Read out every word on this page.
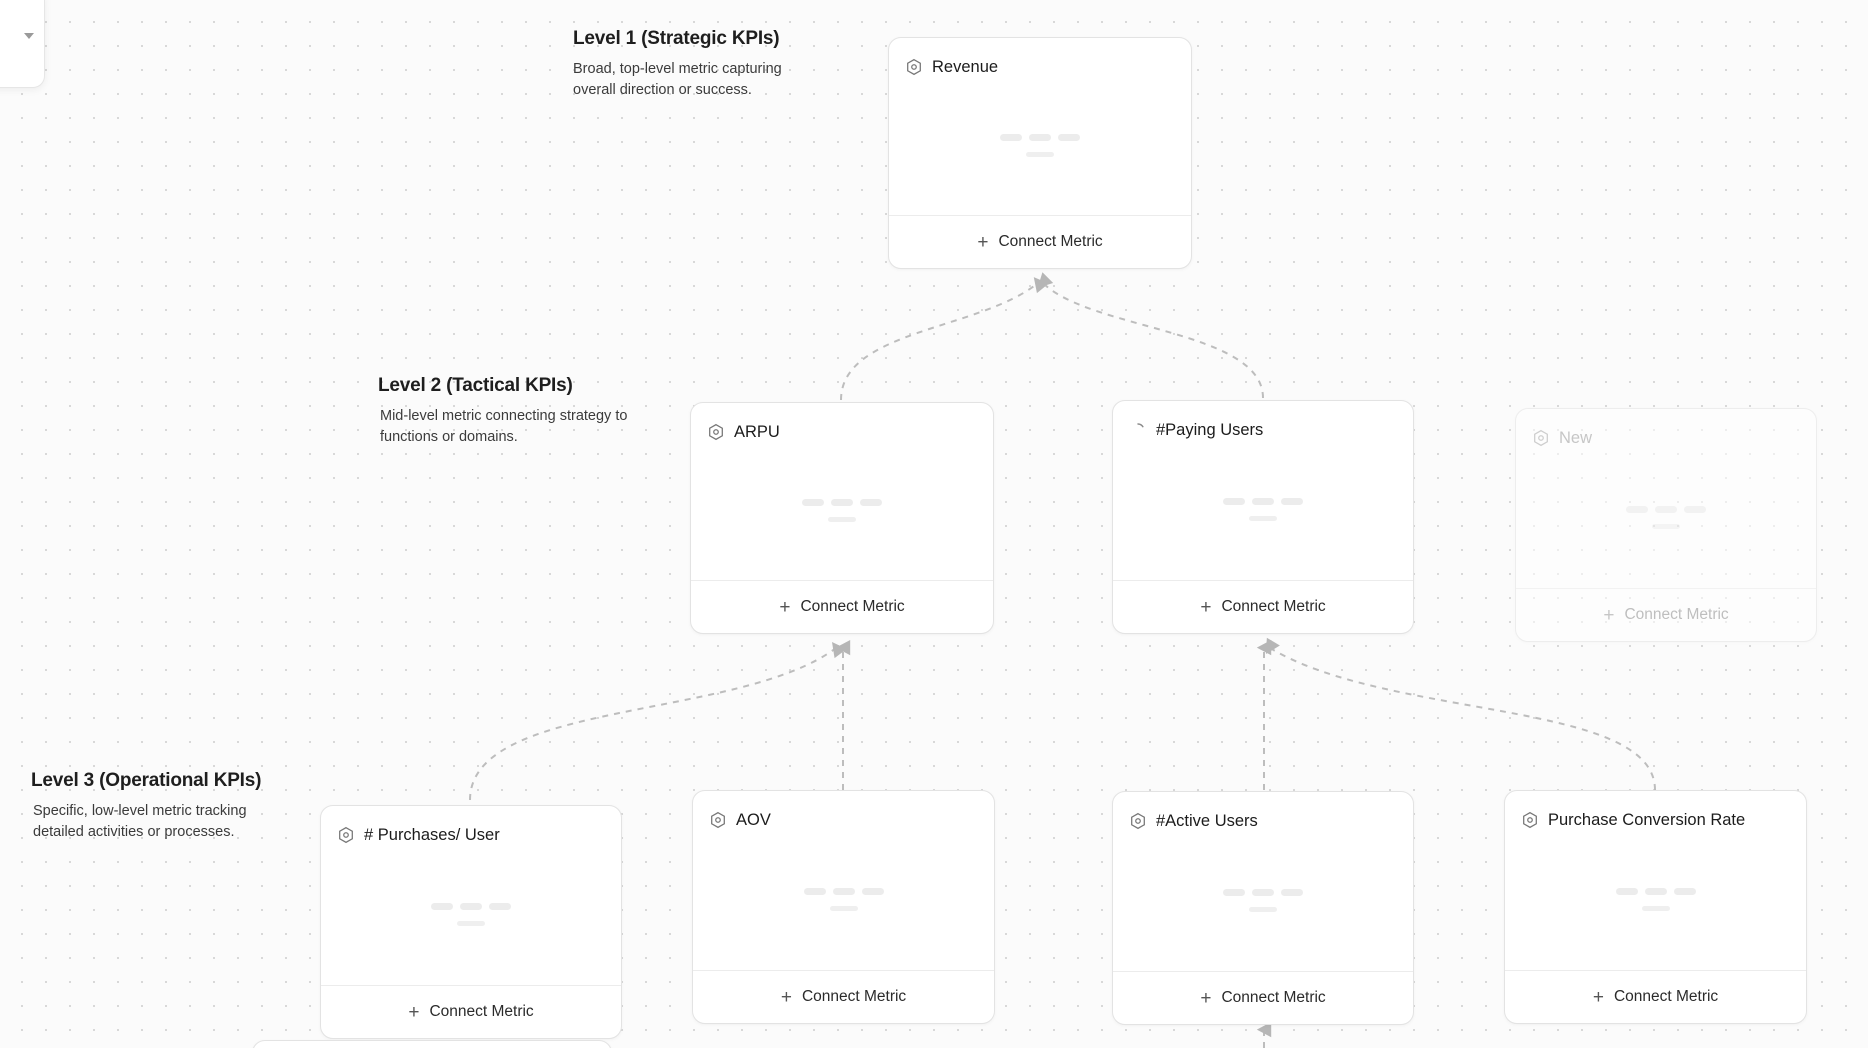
Level 1 (Strategic KPIs)
Broad, top-level metric capturing overall direction or success.
Level 2 (Tactical KPIs)
Mid-level metric connecting strategy to functions or domains.
Level 3 (Operational KPIs)
Specific, low-level metric tracking detailed activities or processes.
Revenue
+ Connect Metric
ARPU
+ Connect Metric
#Paying Users
+ Connect Metric
New
+ Connect Metric
# Purchases/ User
+ Connect Metric
AOV
+ Connect Metric
#Active Users
+ Connect Metric
Purchase Conversion Rate
+ Connect Metric
